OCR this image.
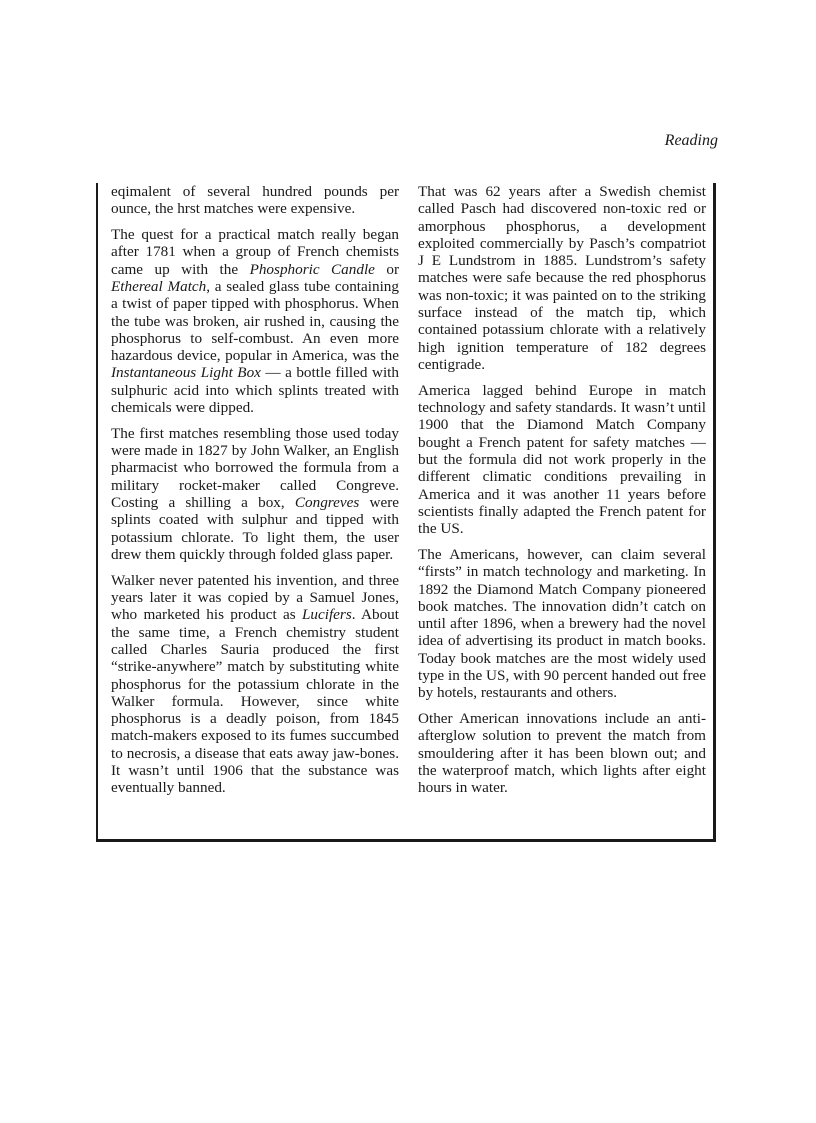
Reading

eqimalent of several hundred pounds per ounce, the hrst matches were expensive.

The quest for a practical match really began after 1781 when a group of French chemists came up with the Phosphoric Candle or Ethereal Match, a sealed glass tube containing a twist of paper tipped with phosphorus. When the tube was broken, air rushed in, causing the phosphorus to self-combust. An even more hazardous device, popular in America, was the Instantaneous Light Box — a bottle filled with sulphuric acid into which splints treated with chemicals were dipped.

The first matches resembling those used today were made in 1827 by John Walker, an English pharmacist who borrowed the formula from a military rocket-maker called Congreve. Costing a shilling a box, Congreves were splints coated with sulphur and tipped with potassium chlorate. To light them, the user drew them quickly through folded glass paper.

Walker never patented his invention, and three years later it was copied by a Samuel Jones, who marketed his product as Lucifers. About the same time, a French chemistry student called Charles Sauria produced the first “strike-anywhere” match by substituting white phosphorus for the potassium chlorate in the Walker formula. However, since white phosphorus is a deadly poison, from 1845 match-makers exposed to its fumes succumbed to necrosis, a disease that eats away jaw-bones. It wasn’t until 1906 that the substance was eventually banned.

That was 62 years after a Swedish chemist called Pasch had discovered non-toxic red or amorphous phosphorus, a development exploited commercially by Pasch’s compatriot J E Lundstrom in 1885. Lundstrom’s safety matches were safe because the red phosphorus was non-toxic; it was painted on to the striking surface instead of the match tip, which contained potassium chlorate with a relatively high ignition temperature of 182 degrees centigrade.

America lagged behind Europe in match technology and safety standards. It wasn’t until 1900 that the Diamond Match Company bought a French patent for safety matches — but the formula did not work properly in the different climatic conditions prevailing in America and it was another 11 years before scientists finally adapted the French patent for the US.

The Americans, however, can claim several “firsts” in match technology and marketing. In 1892 the Diamond Match Company pioneered book matches. The innovation didn’t catch on until after 1896, when a brewery had the novel idea of advertising its product in match books. Today book matches are the most widely used type in the US, with 90 percent handed out free by hotels, restaurants and others.

Other American innovations include an anti-afterglow solution to prevent the match from smouldering after it has been blown out; and the waterproof match, which lights after eight hours in water.
